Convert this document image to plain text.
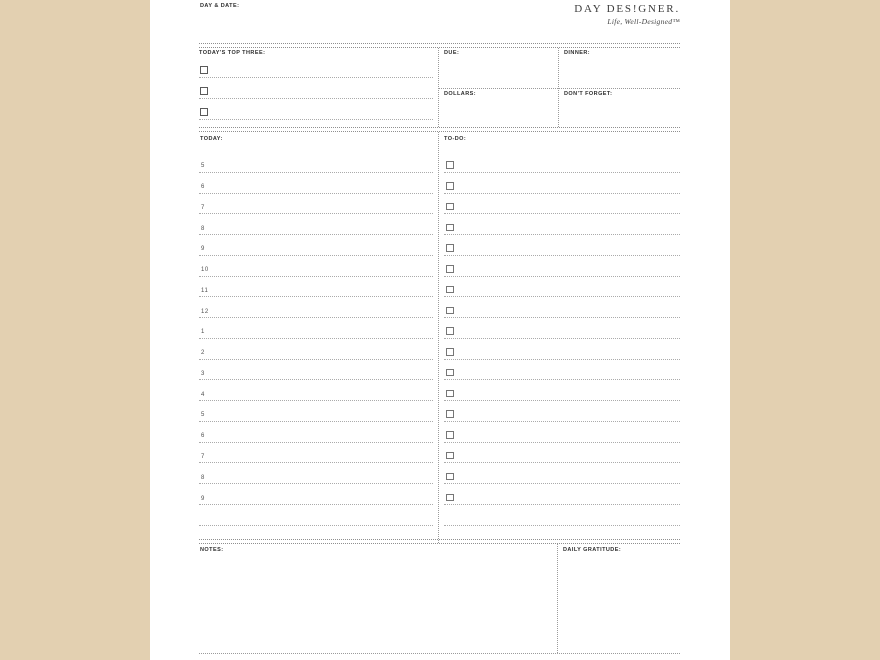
DAY & DATE:	DAY DES!GNER.
Life, Well-Designed™
TODAY'S TOP THREE:	DUE:	DINNER:
DOLLARS:	DON'T FORGET:
TODAY:	TO-DO:
5
6
7
8
9
10
11
12
1
2
3
4
5
6
7
8
9
NOTES:	DAILY GRATITUDE:
